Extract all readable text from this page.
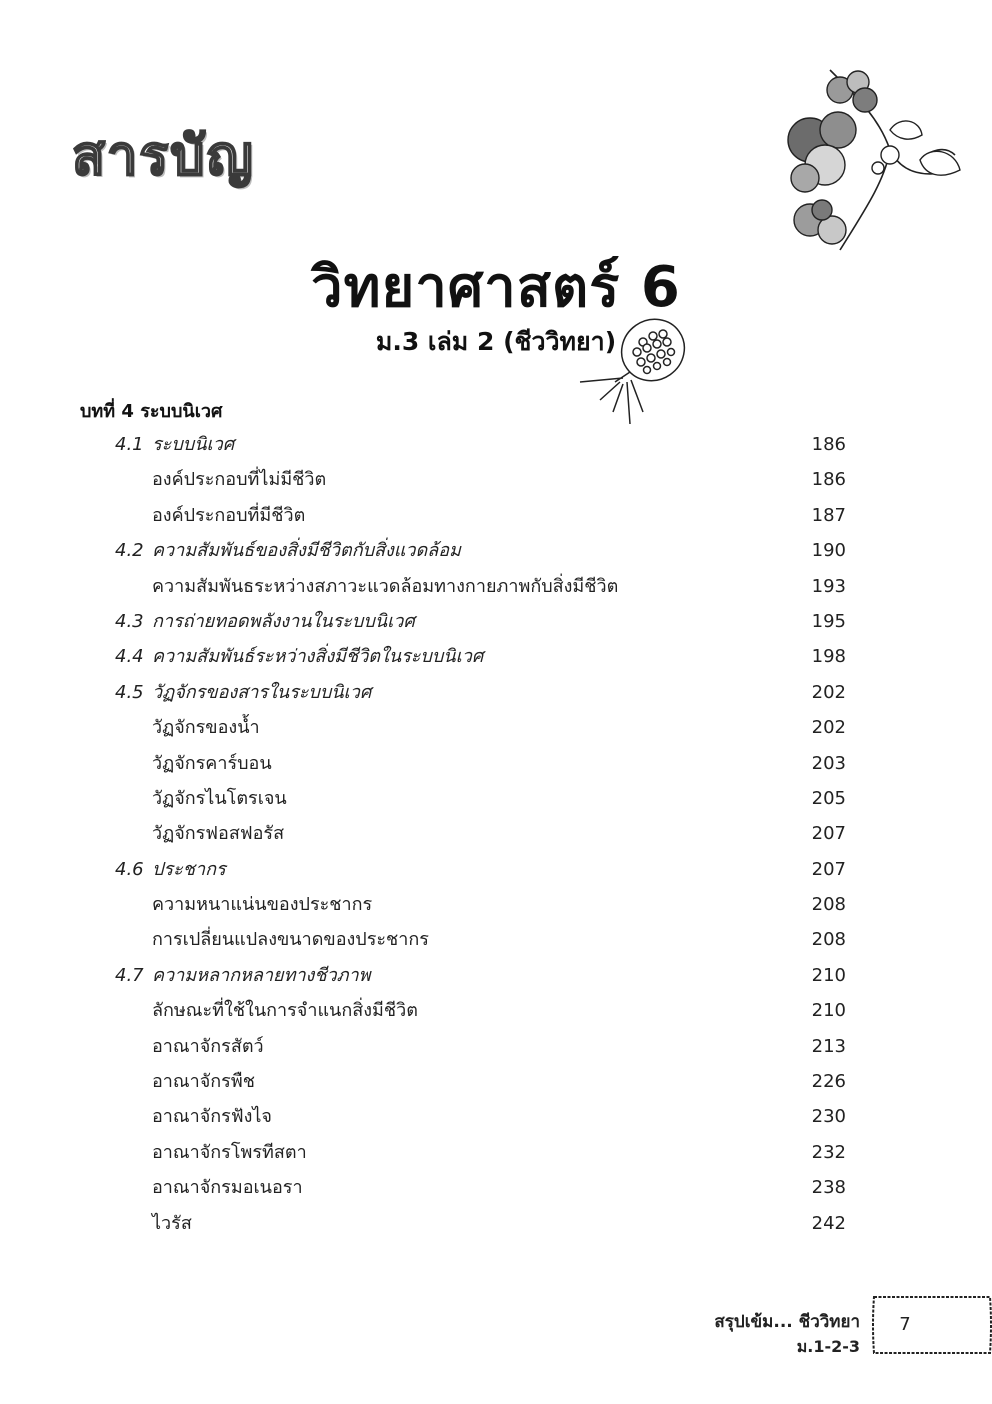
สารบัญ
วิทยาศาสตร์ 6
ม.3 เล่ม 2 (ชีววิทยา)
บทที่ 4 ระบบนิเวศ
4.1 ระบบนิเวศ	186
องค์ประกอบที่ไม่มีชีวิต	186
องค์ประกอบที่มีชีวิต	187
4.2 ความสัมพันธ์ของสิ่งมีชีวิตกับสิ่งแวดล้อม	190
ความสัมพันธระหว่างสภาวะแวดล้อมทางกายภาพกับสิ่งมีชีวิต	193
4.3 การถ่ายทอดพลังงานในระบบนิเวศ	195
4.4 ความสัมพันธ์ระหว่างสิ่งมีชีวิตในระบบนิเวศ	198
4.5 วัฏจักรของสารในระบบนิเวศ	202
วัฏจักรของน้ำ	202
วัฏจักรคาร์บอน	203
วัฏจักรไนโตรเจน	205
วัฏจักรฟอสฟอรัส	207
4.6 ประชากร	207
ความหนาแน่นของประชากร	208
การเปลี่ยนแปลงขนาดของประชากร	208
4.7 ความหลากหลายทางชีวภาพ	210
ลักษณะที่ใช้ในการจำแนกสิ่งมีชีวิต	210
อาณาจักรสัตว์	213
อาณาจักรพืช	226
อาณาจักรฟังไจ	230
อาณาจักรโพรทีสตา	232
อาณาจักรมอเนอรา	238
ไวรัส	242
สรุปเข้ม... ชีววิทยา
ม.1-2-3
7
